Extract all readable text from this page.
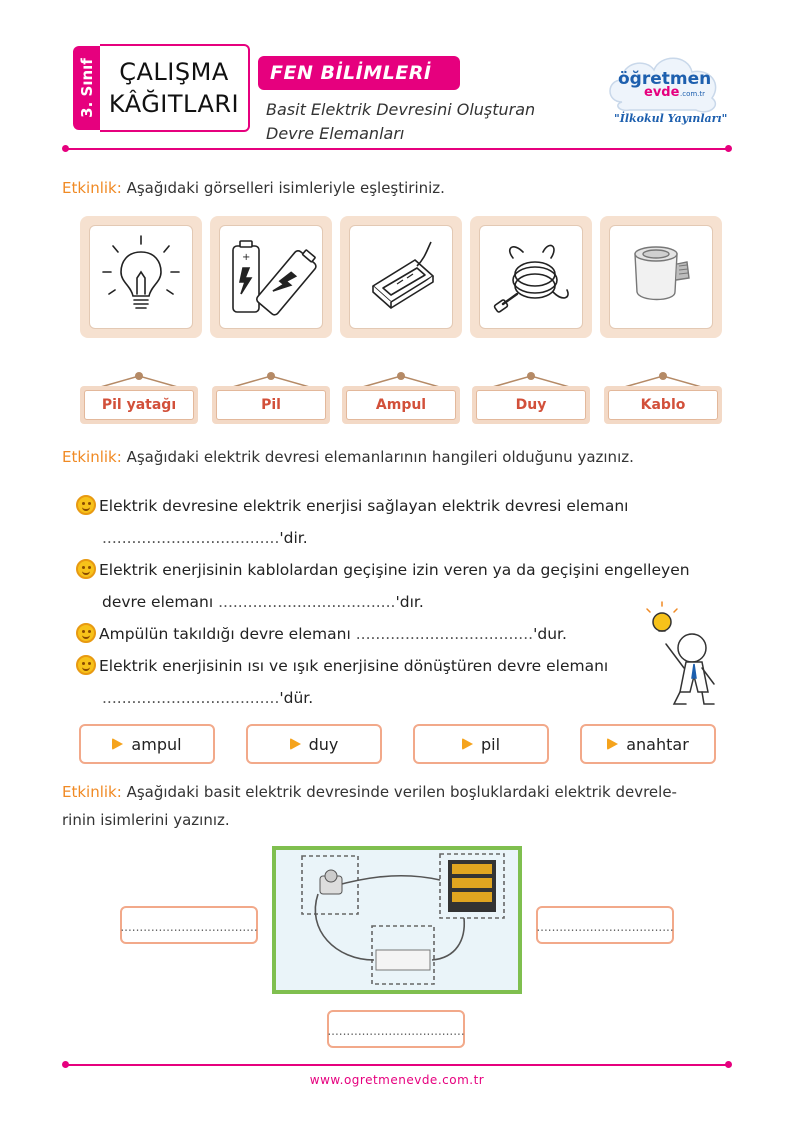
3. Sınıf ÇALIŞMA
KÂĞITLARI
FEN BİLİMLERİ
Basit Elektrik Devresini Oluşturan
Devre Elemanları
öğretmen
evde .com.tr
"İlkokul Yayınları"
Etkinlik: Aşağıdaki görselleri isimleriyle eşleştiriniz.
+
Pil yatağı	Pil	Ampul	Duy	Kablo
Etkinlik: Aşağıdaki elektrik devresi elemanlarının hangileri olduğunu yazınız.
Elektrik devresine elektrik enerjisi sağlayan elektrik devresi elemanı
....................................'dir.
Elektrik enerjisinin kablolardan geçişine izin veren ya da geçişini engelleyen
devre elemanı ....................................'dır.
Ampülün takıldığı devre elemanı ....................................'dur.
Elektrik enerjisinin ısı ve ışık enerjisine dönüştüren devre elemanı
....................................'dür.
ampul	duy	pil	anahtar
Etkinlik: Aşağıdaki basit elektrik devresinde verilen boşluklardaki elektrik devrele-
rinin isimlerini yazınız.
....................................	....................................
....................................
www.ogretmenevde.com.tr
